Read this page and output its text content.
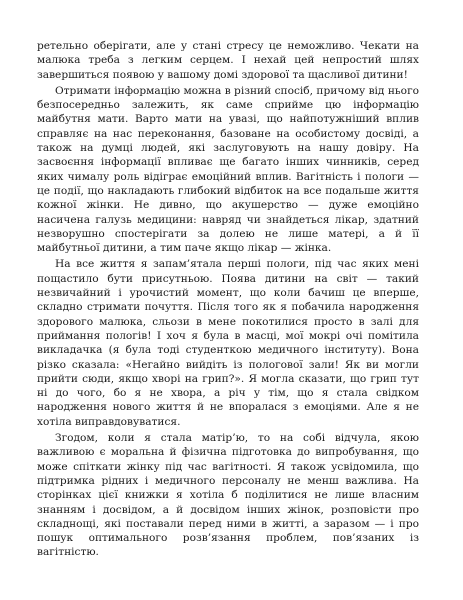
ретельно оберігати, але у стані стресу це неможливо. Чекати на малюка треба з легким серцем. І нехай цей непростий шлях завершиться появою у вашому домі здорової та щасливої дитини!

Отримати інформацію можна в різний спосіб, причому від нього безпосередньо залежить, як саме сприйме цю інформацію майбутня мати. Варто мати на увазі, що найпотужніший вплив справляє на нас переконання, базоване на особистому досвіді, а також на думці людей, які заслуговують на нашу довіру. На засвоєння інформації впливає ще багато інших чинників, серед яких чималу роль відіграє емоційний вплив. Вагітність і пологи — це події, що накладають глибокий відбиток на все подальше життя кожної жінки. Не дивно, що акушерство — дуже емоційно насичена галузь медицини: навряд чи знайдеться лікар, здатний незворушно спостерігати за долею не лише матері, а й її майбутньої дитини, а тим паче якщо лікар — жінка.

На все життя я запам’ятала перші пологи, під час яких мені пощастило бути присутньою. Поява дитини на світ — такий незвичайний і урочистий момент, що коли бачиш це вперше, складно стримати почуття. Після того як я побачила народження здорового малюка, сльози в мене покотилися просто в залі для приймання пологів! І хоч я була в масці, мої мокрі очі помітила викладачка (я була тоді студенткою медичного інституту). Вона різко сказала: «Негайно вийдіть із пологової зали! Як ви могли прийти сюди, якщо хворі на грип?». Я могла сказати, що грип тут ні до чого, бо я не хвора, а річ у тім, що я стала свідком народження нового життя й не впоралася з емоціями. Але я не хотіла виправдовуватися.

Згодом, коли я стала матір’ю, то на собі відчула, якою важливою є моральна й фізична підготовка до випробування, що може спіткати жінку під час вагітності. Я також усвідомила, що підтримка рідних і медичного персоналу не менш важлива. На сторінках цієї книжки я хотіла б поділитися не лише власним знанням і досвідом, а й досвідом інших жінок, розповісти про складнощі, які поставали перед ними в житті, а заразом — і про пошук оптимального розв’язання проблем, пов’язаних із вагітністю.
